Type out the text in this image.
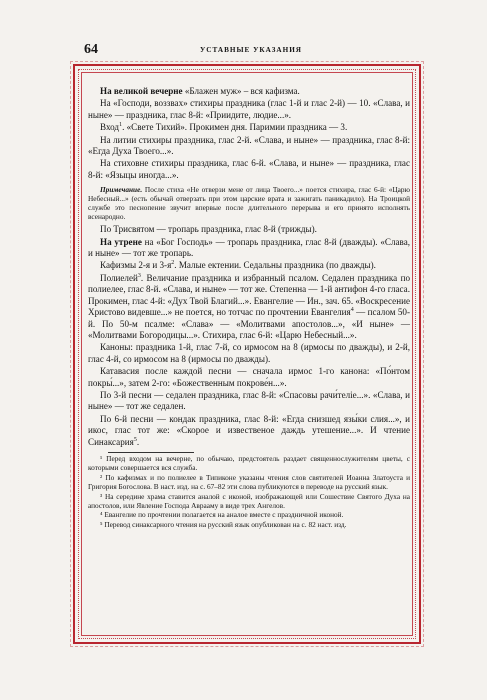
64	УСТАВНЫЕ УКАЗАНИЯ

На великой вечерне «Блажен муж» – вся кафизма.

На «Господи, воззвах» стихиры праздника (глас 1-й и глас 2-й) — 10. «Слава, и ныне» — праздника, глас 8-й: «Приидите, людие...».

Вход$^1$. «Свете Тихий». Прокимен дня. Паримии праздника — 3.

На литии стихиры праздника, глас 2-й. «Слава, и ныне» — праздника, глас 8-й: «Егда Духа Твоего...».

На стиховне стихиры праздника, глас 6-й. «Слава, и ныне» — праздника, глас 8-й: «Языцы иногда...».

Примечание. После стиха «Не отверзи мене от лица Твоего...» поется стихира, глас 6-й: «Царю Небесный...» (есть обычай отверзать при этом царские врата и зажигать паникадило). На Троицкой службе это песнопение звучит впервые после длительного перерыва и его принято исполнять всенародно.

По Трисвятом — тропарь праздника, глас 8-й (трижды).

На утрене на «Бог Господь» — тропарь праздника, глас 8-й (дважды). «Слава, и ныне» — тот же тропарь.

Кафизмы 2-я и $3-я^2$. Малые ектении. Седальны праздника (по дважды).

Полиелей$^3$. Величание праздника и избранный псалом. Седален праздника по полиелее, глас 8-й. «Слава, и ныне» — тот же. Степенна — 1-й антифон 4-го гласа. Прокимен, глас 4-й: «Дух Твой Благий...». Евангелие — Ин., зач. 65. «Воскресение Христово видевше...» не поется, но тотчас по прочтении Евангелия$^4$ — псалом 50-й. По 50-м псалме: «Слава» — «Молитвами апостолов...», «И ныне» — «Молитвами Богородицы...». Стихира, глас 6-й: «Царю Небесный...».

Каноны: праздника 1-й, глас 7-й, со ирмосом на 8 (ирмосы по дважды), и 2-й, глас 4-й, со ирмосом на 8 (ирмосы по дважды).

Катавасия после каждой песни — сначала ирмос 1-го канона: «По́нтом покры́...», затем 2-го: «Божественным покрове́н...».

По 3-й песни — седален праздника, глас 8-й: «Спасовы рачи́теліе...». «Слава, и ныне» — тот же седален.

По 6-й песни — кондак праздника, глас 8-й: «Егда снизшед язы́ки слия...», и икос, глас тот же: «Скорое и извественое даждь утешение...». И чтение Синаксария$^5$.

¹ Перед входом на вечерне, по обычаю, предстоятель раздает священнослужителям цветы, с которыми совершается вся служба.

² По кафизмах и по полиелее в Типиконе указаны чтения слов святителей Иоанна Златоуста и Григория Богослова. В наст. изд. на с. 67–82 эти слова публикуются в переводе на русский язык.

³ На середине храма ставится аналой с иконой, изображающей или Сошествие Святого Духа на апостолов, или Явление Господа Аврааму в виде трех Ангелов.

⁴ Евангелие по прочтении полагается на аналое вместе с праздничной иконой.

⁵ Перевод синаксарного чтения на русский язык опубликован на с. 82 наст. изд.
